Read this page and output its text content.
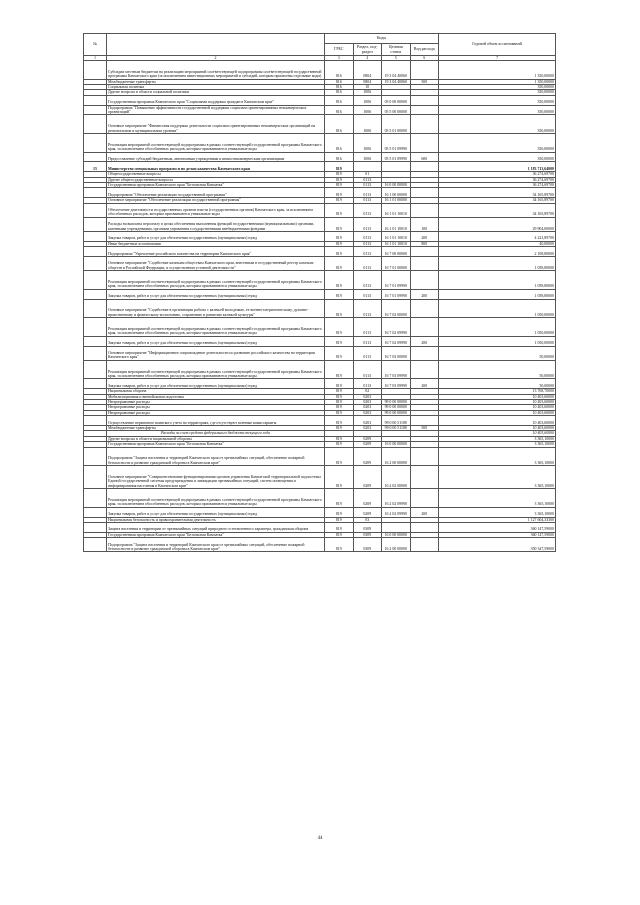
№		Коды				Годовой объем ассигнований
		ГРБС	Раздел, под-раздел	Целевая статья	Вид расхода	
1	2	3	4	5	6	7
	Субсидии местным бюджетам на реализацию мероприятий соответствующей подпрограммы соответствующей государственной программы Камчатского края (за исключением инвестиционных мероприятий и субсидий, которым присвоены отдельные коды)	816	0804	19 3 04 40060		1 350,00000
	Межбюджетные трансферты	816	0804	19 3 04 40060	500	1 350,00000
	Социальная политика	816	10			350,00000
	Другие вопросы в области социальной политики	816	1006			350,00000
	Государственная программа Камчатского края "Социальная поддержка граждан в Камчатском крае"	816	1006	05 0 00 00000		350,00000
	Подпрограмма "Повышение эффективности государственной поддержки социально ориентированных некоммерческих организаций"	816	1006	05 5 00 00000		350,00000
	Основное мероприятие "Финансовая поддержка деятельности социально ориентированных некоммерческих организаций на региональном и муниципальном уровнях"	816	1006	05 5 01 00000		350,00000
	Реализация мероприятий соответствующей подпрограммы в рамках соответствующей государственной программы Камчатского края, за исключением обособленных расходов, которым присваиваются уникальные коды	816	1006	05 5 01 09990		350,00000
	Предоставление субсидий бюджетным, автономным учреждениям и иным некоммерческим организациям	816	1006	05 5 01 09990	600	350,00000
15	Министерство специальных программ и по делам казачества Камчатского края	819				1 183 713,64000
	Общегосударственные вопросы	819	01			36 274,69700
	Другие общегосударственные вопросы	819	0113			36 274,69700
	Государственная программа Камчатского края "Безопасная Камчатка"	819	0113	16 0 00 00000		36 274,69700
	Подпрограмма "Обеспечение реализации государственной программы"	819	0113	16 1 00 00000		34 165,89700
	Основное мероприятие "Обеспечение реализации государственной программы"	819	0113	16 1 01 00000		34 165,89700
	Обеспечение деятельности государственных органов власти (государственных органов) Камчатского края, за исключением обособленных расходов, которым присваиваются уникальные коды	819	0113	16 1 01 10010		34 165,89700
	Расходы на выплаты персоналу в целях обеспечения выполнения функций государственными (муниципальными) органами, казенными учреждениями, органами управления государственными внебюджетными фондами	819	0113	16 1 01 10010	100	29 904,00000
	Закупка товаров, работ и услуг для обеспечения государственных (муниципальных) нужд	819	0113	16 1 01 10010	200	4 221,89700
	Иные бюджетные ассигнования	819	0113	16 1 01 10010	800	40,00000
	Подпрограмма "Укрепление российского казачества на территории Камчатского края"	819	0113	16 7 00 00000		2 108,80000
	Основное мероприятие "Содействие казачьим обществам Камчатского края, внесенным в государственный реестр казачьих обществ в Российской Федерации, в осуществлении уставной деятельности"	819	0113	16 7 01 00000		1 058,80000
	Реализация мероприятий соответствующей подпрограммы в рамках соответствующей государственной программы Камчатского края, за исключением обособленных расходов, которым присваиваются уникальные коды	819	0113	16 7 01 09990		1 058,80000
	Закупка товаров, работ и услуг для обеспечения государственных (муниципальных) нужд	819	0113	16 7 01 09990	200	1 058,80000
	Основное мероприятие "Содействие в организации работы с казачьей молодежью, ее военно-патриотическому, духовно-нравственному и физическому воспитанию, сохранению и развитию казачьей культуры"	819	0113	16 7 02 00000		1 050,00000
	Реализация мероприятий соответствующей подпрограммы в рамках соответствующей государственной программы Камчатского края, за исключением обособленных расходов, которым присваиваются уникальные коды	819	0113	16 7 02 09990		1 050,00000
	Закупка товаров, работ и услуг для обеспечения государственных (муниципальных) нужд	819	0113	16 7 02 09990	200	1 050,00000
	Основное мероприятие "Информационное сопровождение деятельности по развитию российского казачества на территории Камчатского края"	819	0113	16 7 03 00000		50,00000
	Реализация мероприятий соответствующей подпрограммы в рамках соответствующей государственной программы Камчатского края, за исключением обособленных расходов, которым присваиваются уникальные коды	819	0113	16 7 03 09990		50,00000
	Закупка товаров, работ и услуг для обеспечения государственных (муниципальных) нужд	819	0113	16 7 03 09990	200	50,00000
	Национальная оборона	819	02			13 768,70000
	Мобилизационная и вневойсковая подготовка	819	0203			10 403,60000
	Непрограммные расходы	819	0203	99 0 00 00000		10 403,60000
	Непрограммные расходы	819	0203	99 0 00 00000		10 403,60000
	Непрограммные расходы	819	0203	99 0 00 00000		10 403,60000
	Осуществление первичного воинского учета на территориях, где отсутствуют военные комиссариаты	819	0203	99 0 00 51180		10 403,60000
	Межбюджетные трансферты	819	0203	99 0 00 51180	500	10 403,60000
	Расходы за счет средств федерального бюджета текущего года					10 403,60000
	Другие вопросы в области национальной обороны	819	0209			3 365,10000
	Государственная программа Камчатского края "Безопасная Камчатка"	819	0209	16 0 00 00000		3 365,10000
	Подпрограмма "Защита населения и территорий Камчатского края от чрезвычайных ситуаций, обеспечение пожарной безопасности и развитие гражданской обороны в Камчатском крае"	819	0209	16 2 00 00000		3 365,10000
	Основное мероприятие "Совершенствование функционирования органов управления Камчатской территориальной подсистемы Единой государственной системы предупреждения и ликвидации чрезвычайных ситуаций, систем оповещения и информирования населения в Камчатском крае"	819	0209	16 2 02 00000		3 365,10000
	Реализация мероприятий соответствующей подпрограммы в рамках соответствующей государственной программы Камчатского края, за исключением обособленных расходов, которым присваиваются уникальные коды	819	0209	16 2 02 09990		3 365,10000
	Закупка товаров, работ и услуг для обеспечения государственных (муниципальных) нужд	819	0209	16 2 02 09990	200	3 365,10000
	Национальная безопасность и правоохранительная деятельность	819	03			1 127 604,33300
	Защита населения и территории от чрезвычайных ситуаций природного и техногенного характера, гражданская оборона	819	0309			360 147,59000
	Государственная программа Камчатского края "Безопасная Камчатка"	819	0309	16 0 00 00000		360 147,59000
	Подпрограмма "Защита населения и территорий Камчатского края от чрезвычайных ситуаций, обеспечение пожарной безопасности и развитие гражданской обороны в Камчатском крае"	819	0309	16 2 00 00000		350 347,59000
44
